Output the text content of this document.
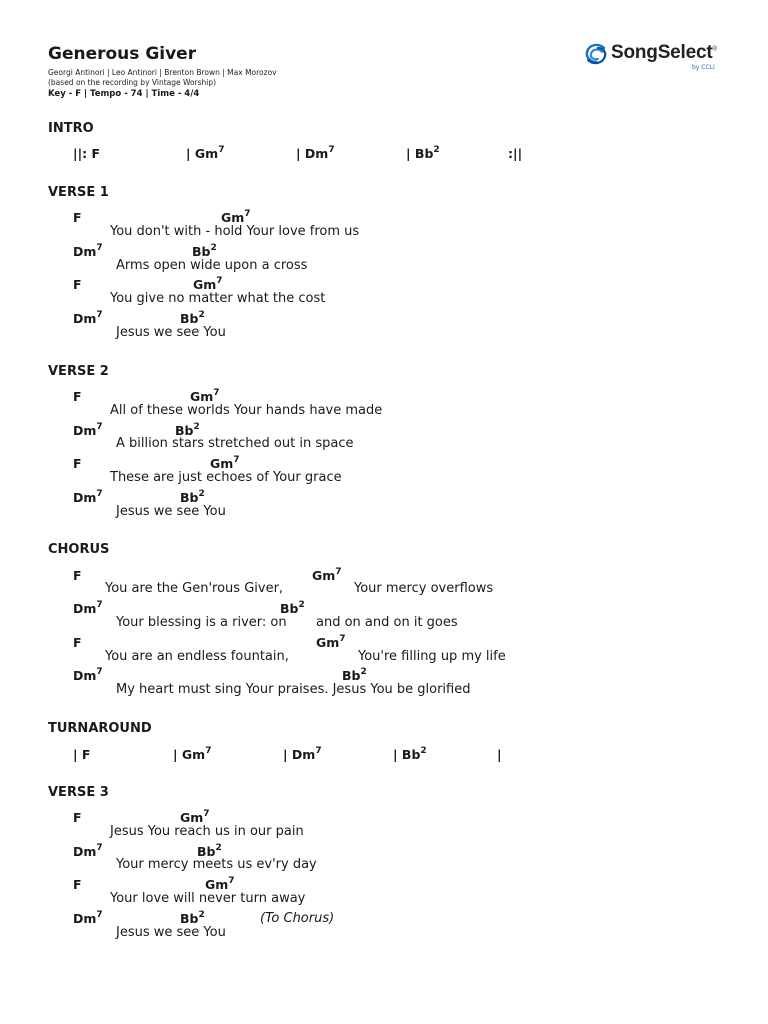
Generous Giver
Georgi Antinori | Leo Antinori | Brenton Brown | Max Morozov
(based on the recording by Vintage Worship)
Key - F | Tempo - 74 | Time - 4/4
SongSelect®
by CCLI
INTRO
||: F	| Gm$^7$	| Dm$^7$	| Bb$^2$	:||
VERSE 1
F	Gm$^7$
You don't with - hold Your love from us
Dm$^7$	Bb$^2$
Arms open wide upon a cross
F	Gm$^7$
You give no matter what the cost
Dm$^7$	Bb$^2$
Jesus we see You
VERSE 2
F	Gm$^7$
All of these worlds Your hands have made
Dm$^7$	Bb$^2$
A billion stars stretched out in space
F	Gm$^7$
These are just echoes of Your grace
Dm$^7$	Bb$^2$
Jesus we see You
CHORUS
F	Gm$^7$
You are the Gen'rous Giver,	Your mercy overflows
Dm$^7$	Bb$^2$
Your blessing is a river: on and on and on it goes
F	Gm$^7$
You are an endless fountain,	You're filling up my life
Dm$^7$	Bb$^2$
My heart must sing Your praises. Jesus You be glorified
TURNAROUND
| F	| Gm$^7$	| Dm$^7$	| Bb$^2$	|
VERSE 3
F	Gm$^7$
Jesus You reach us in our pain
Dm$^7$	Bb$^2$
Your mercy meets us ev'ry day
F	Gm$^7$
Your love will never turn away
Dm$^7$	Bb$^2$	(To Chorus)
Jesus we see You
